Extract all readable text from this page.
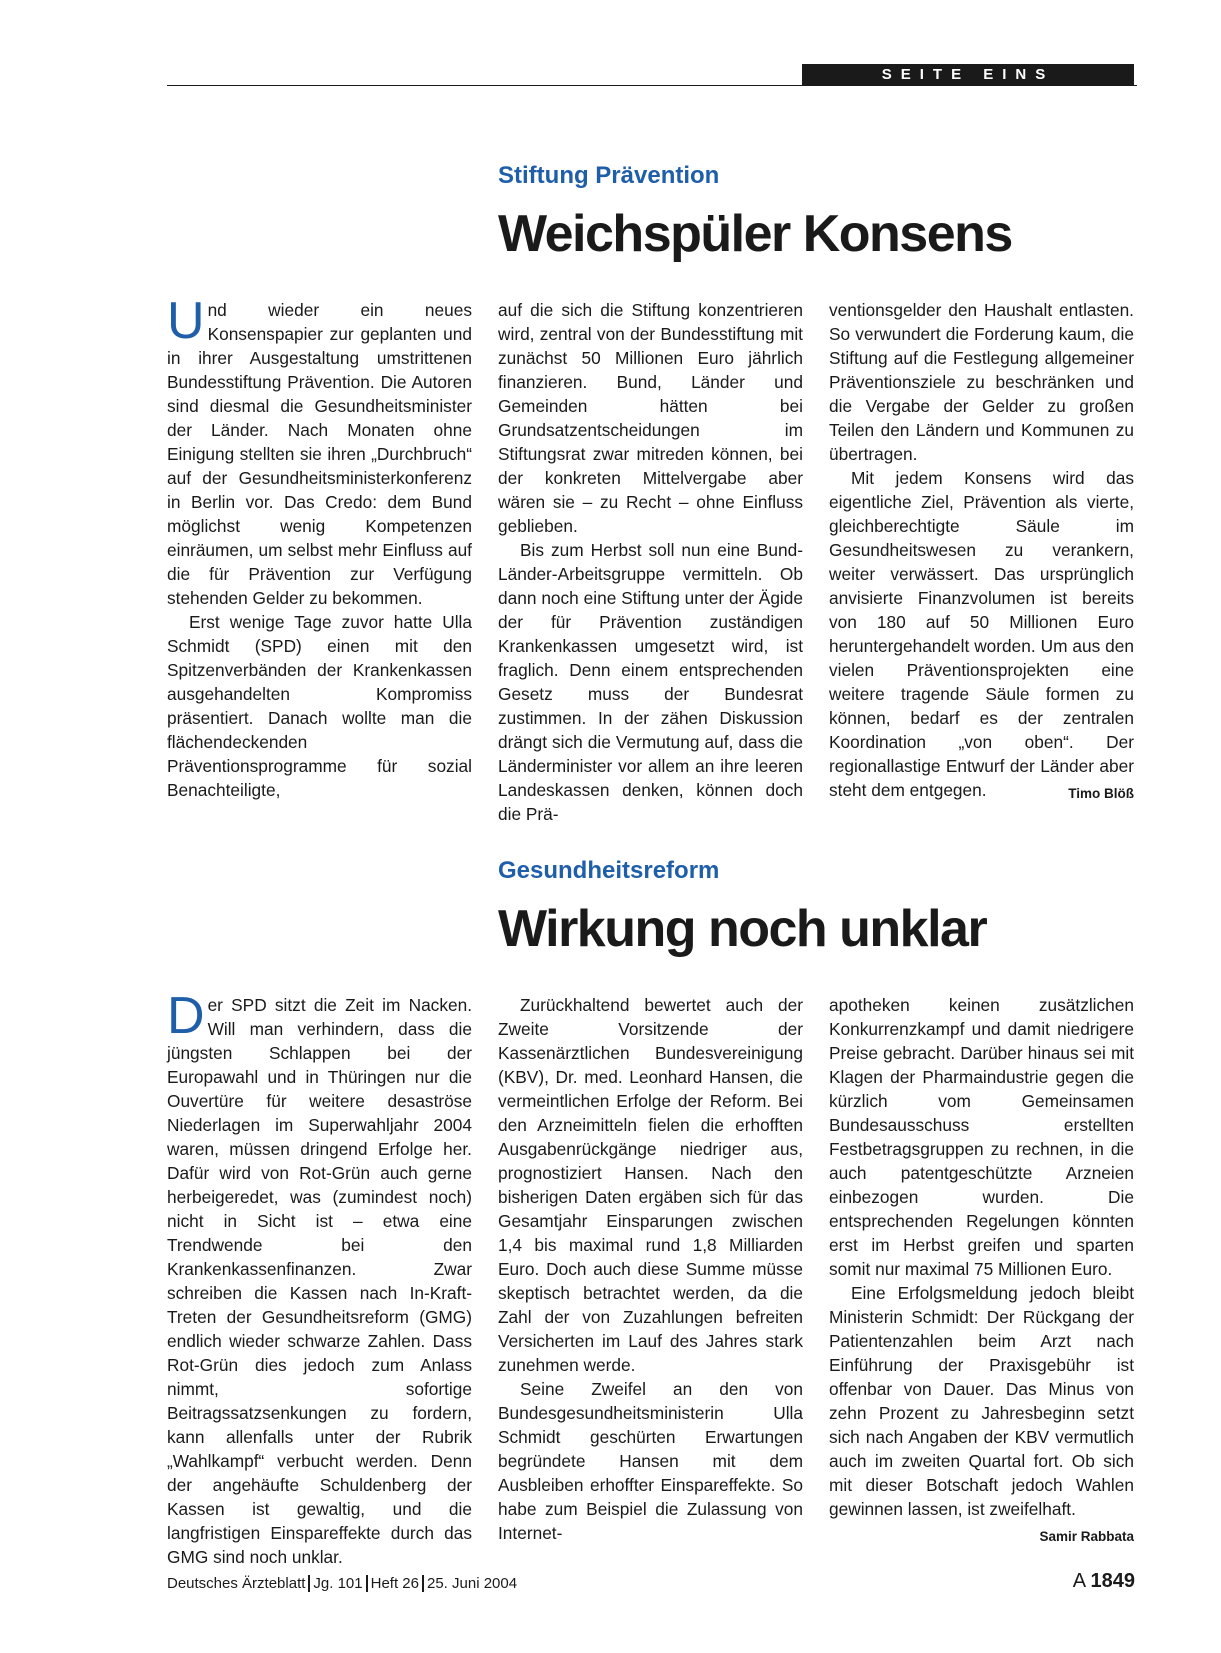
SEITE EINS
Stiftung Prävention
Weichspüler Konsens

Und wieder ein neues Konsenspapier zur geplanten und in ihrer Ausgestaltung umstrittenen Bundesstiftung Prävention. Die Autoren sind diesmal die Gesundheitsminister der Länder. Nach Monaten ohne Einigung stellten sie ihren „Durchbruch“ auf der Gesundheitsministerkonferenz in Berlin vor. Das Credo: dem Bund möglichst wenig Kompetenzen einräumen, um selbst mehr Einfluss auf die für Prävention zur Verfügung stehenden Gelder zu bekommen.

Erst wenige Tage zuvor hatte Ulla Schmidt (SPD) einen mit den Spitzenverbänden der Krankenkassen ausgehandelten Kompromiss präsentiert. Danach wollte man die flächendeckenden Präventionsprogramme für sozial Benachteiligte,

auf die sich die Stiftung konzentrieren wird, zentral von der Bundesstiftung mit zunächst 50 Millionen Euro jährlich finanzieren. Bund, Länder und Gemeinden hätten bei Grundsatzentscheidungen im Stiftungsrat zwar mitreden können, bei der konkreten Mittelvergabe aber wären sie – zu Recht – ohne Einfluss geblieben.

Bis zum Herbst soll nun eine Bund-Länder-Arbeitsgruppe vermitteln. Ob dann noch eine Stiftung unter der Ägide der für Prävention zuständigen Krankenkassen umgesetzt wird, ist fraglich. Denn einem entsprechenden Gesetz muss der Bundesrat zustimmen. In der zähen Diskussion drängt sich die Vermutung auf, dass die Länderminister vor allem an ihre leeren Landeskassen denken, können doch die Prä-

ventionsgelder den Haushalt entlasten. So verwundert die Forderung kaum, die Stiftung auf die Festlegung allgemeiner Präventionsziele zu beschränken und die Vergabe der Gelder zu großen Teilen den Ländern und Kommunen zu übertragen.

Mit jedem Konsens wird das eigentliche Ziel, Prävention als vierte, gleichberechtigte Säule im Gesundheitswesen zu verankern, weiter verwässert. Das ursprünglich anvisierte Finanzvolumen ist bereits von 180 auf 50 Millionen Euro heruntergehandelt worden. Um aus den vielen Präventionsprojekten eine weitere tragende Säule formen zu können, bedarf es der zentralen Koordination „von oben“. Der regionallastige Entwurf der Länder aber steht dem entgegen.	Timo Blöß

Gesundheitsreform
Wirkung noch unklar

Der SPD sitzt die Zeit im Nacken. Will man verhindern, dass die jüngsten Schlappen bei der Europawahl und in Thüringen nur die Ouvertüre für weitere desaströse Niederlagen im Superwahljahr 2004 waren, müssen dringend Erfolge her. Dafür wird von Rot-Grün auch gerne herbeigeredet, was (zumindest noch) nicht in Sicht ist – etwa eine Trendwende bei den Krankenkassenfinanzen. Zwar schreiben die Kassen nach In-Kraft-Treten der Gesundheitsreform (GMG) endlich wieder schwarze Zahlen. Dass Rot-Grün dies jedoch zum Anlass nimmt, sofortige Beitragssatzsenkungen zu fordern, kann allenfalls unter der Rubrik „Wahlkampf“ verbucht werden. Denn der angehäufte Schuldenberg der Kassen ist gewaltig, und die langfristigen Einspareffekte durch das GMG sind noch unklar.

Zurückhaltend bewertet auch der Zweite Vorsitzende der Kassenärztlichen Bundesvereinigung (KBV), Dr. med. Leonhard Hansen, die vermeintlichen Erfolge der Reform. Bei den Arzneimitteln fielen die erhofften Ausgabenrückgänge niedriger aus, prognostiziert Hansen. Nach den bisherigen Daten ergäben sich für das Gesamtjahr Einsparungen zwischen 1,4 bis maximal rund 1,8 Milliarden Euro. Doch auch diese Summe müsse skeptisch betrachtet werden, da die Zahl der von Zuzahlungen befreiten Versicherten im Lauf des Jahres stark zunehmen werde.

Seine Zweifel an den von Bundesgesundheitsministerin Ulla Schmidt geschürten Erwartungen begründete Hansen mit dem Ausbleiben erhoffter Einspareffekte. So habe zum Beispiel die Zulassung von Internet-

apotheken keinen zusätzlichen Konkurrenzkampf und damit niedrigere Preise gebracht. Darüber hinaus sei mit Klagen der Pharmaindustrie gegen die kürzlich vom Gemeinsamen Bundesausschuss erstellten Festbetragsgruppen zu rechnen, in die auch patentgeschützte Arzneien einbezogen wurden. Die entsprechenden Regelungen könnten erst im Herbst greifen und sparten somit nur maximal 75 Millionen Euro.

Eine Erfolgsmeldung jedoch bleibt Ministerin Schmidt: Der Rückgang der Patientenzahlen beim Arzt nach Einführung der Praxisgebühr ist offenbar von Dauer. Das Minus von zehn Prozent zu Jahresbeginn setzt sich nach Angaben der KBV vermutlich auch im zweiten Quartal fort. Ob sich mit dieser Botschaft jedoch Wahlen gewinnen lassen, ist zweifelhaft.
Samir Rabbata

Deutsches Ärzteblatt Jg. 101 Heft 26 25. Juni 2004	A 1849
